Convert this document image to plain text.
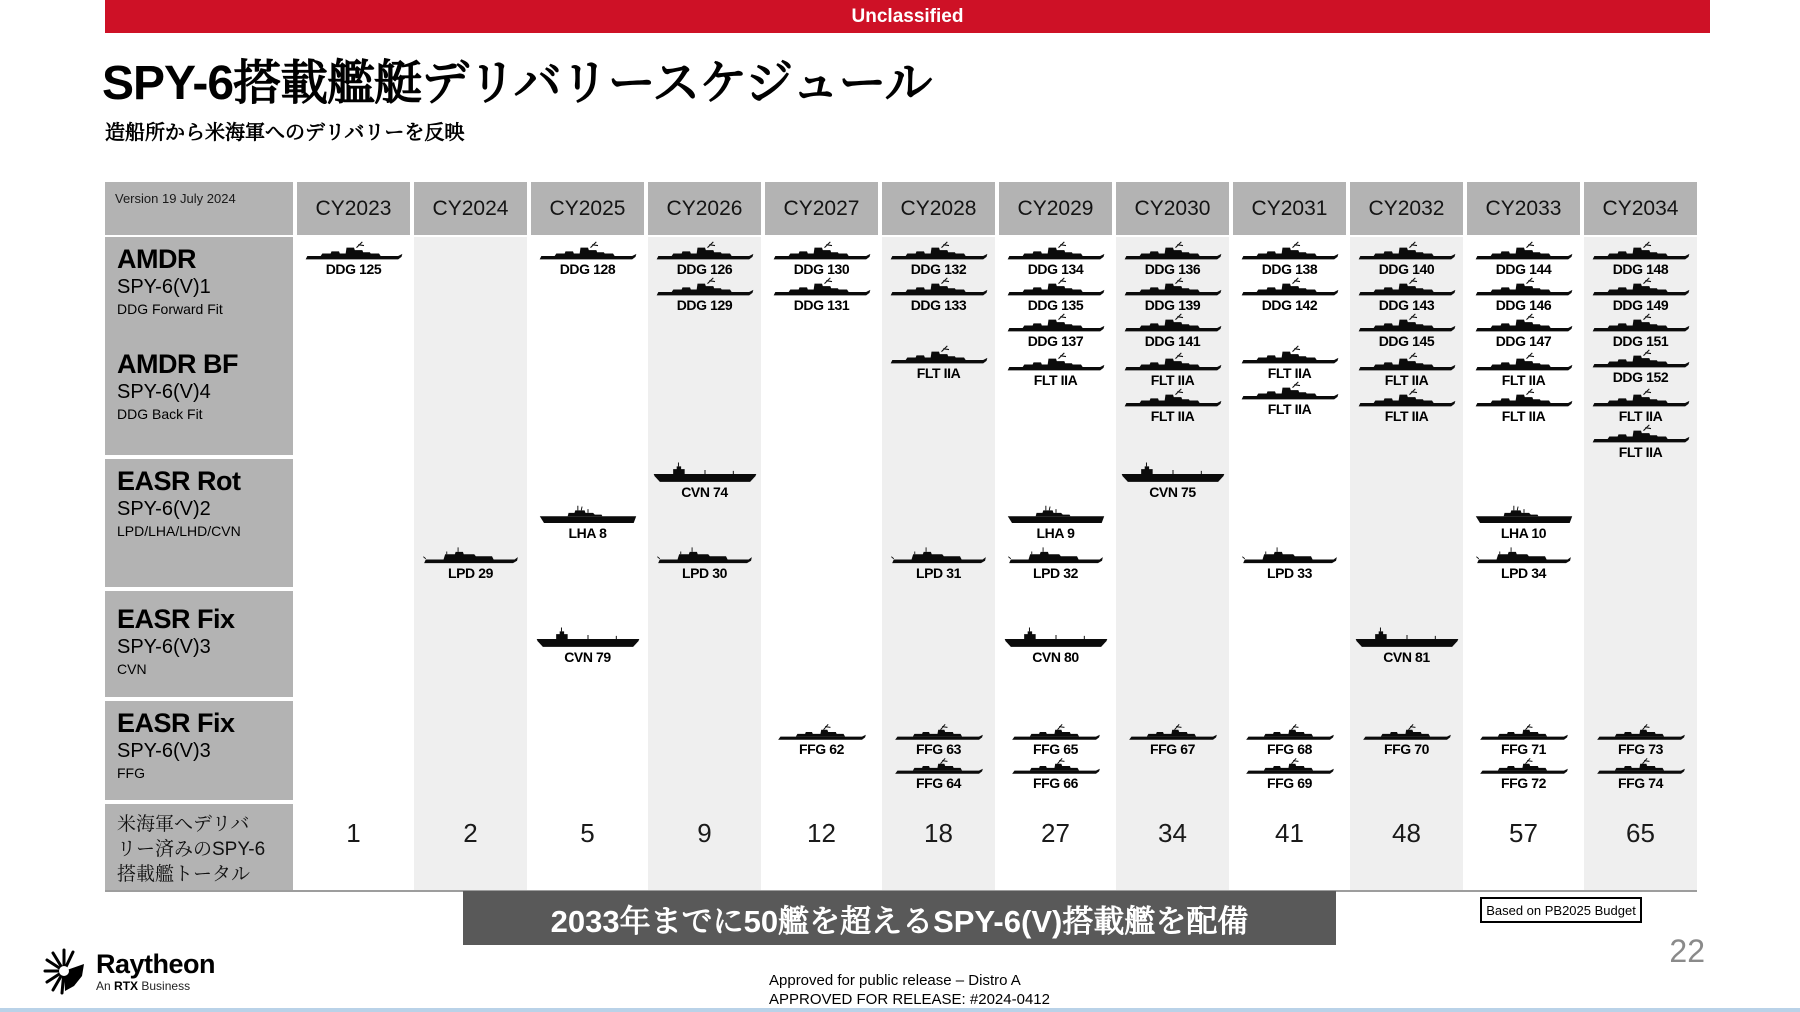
Unclassified
SPY-6搭載艦艇デリバリースケジュール
造船所から米海軍へのデリバリーを反映
Version 19 July 2024
AMDR
SPY-6(V)1
DDG Forward Fit
AMDR BF
SPY-6(V)4
DDG Back Fit
EASR Rot
SPY-6(V)2
LPD/LHA/LHD/CVN
EASR Fix
SPY-6(V)3
CVN
EASR Fix
SPY-6(V)3
FFG
米海軍へデリバ
リー済みのSPY-6
搭載艦トータル
CY2023
DDG 125
1
CY2024
LPD 29
2
CY2025
DDG 128
LHA 8
CVN 79
5
CY2026
DDG 126
DDG 129
CVN 74
LPD 30
9
CY2027
DDG 130
DDG 131
FFG 62
12
CY2028
DDG 132
DDG 133
FLT IIA
LPD 31
FFG 63
FFG 64
18
CY2029
DDG 134
DDG 135
DDG 137
FLT IIA
LHA 9
LPD 32
CVN 80
FFG 65
FFG 66
27
CY2030
DDG 136
DDG 139
DDG 141
FLT IIA
FLT IIA
CVN 75
FFG 67
34
CY2031
DDG 138
DDG 142
FLT IIA
FLT IIA
LPD 33
FFG 68
FFG 69
41
CY2032
DDG 140
DDG 143
DDG 145
FLT IIA
FLT IIA
CVN 81
FFG 70
48
CY2033
DDG 144
DDG 146
DDG 147
FLT IIA
FLT IIA
LHA 10
LPD 34
FFG 71
FFG 72
57
CY2034
DDG 148
DDG 149
DDG 151
DDG 152
FLT IIA
FLT IIA
FFG 73
FFG 74
65
2033年までに50艦を超えるSPY-6(V)搭載艦を配備	Based on PB2025 Budget
22
Raytheon
An RTX Business	Approved for public release – Distro A
APPROVED FOR RELEASE: #2024-0412
